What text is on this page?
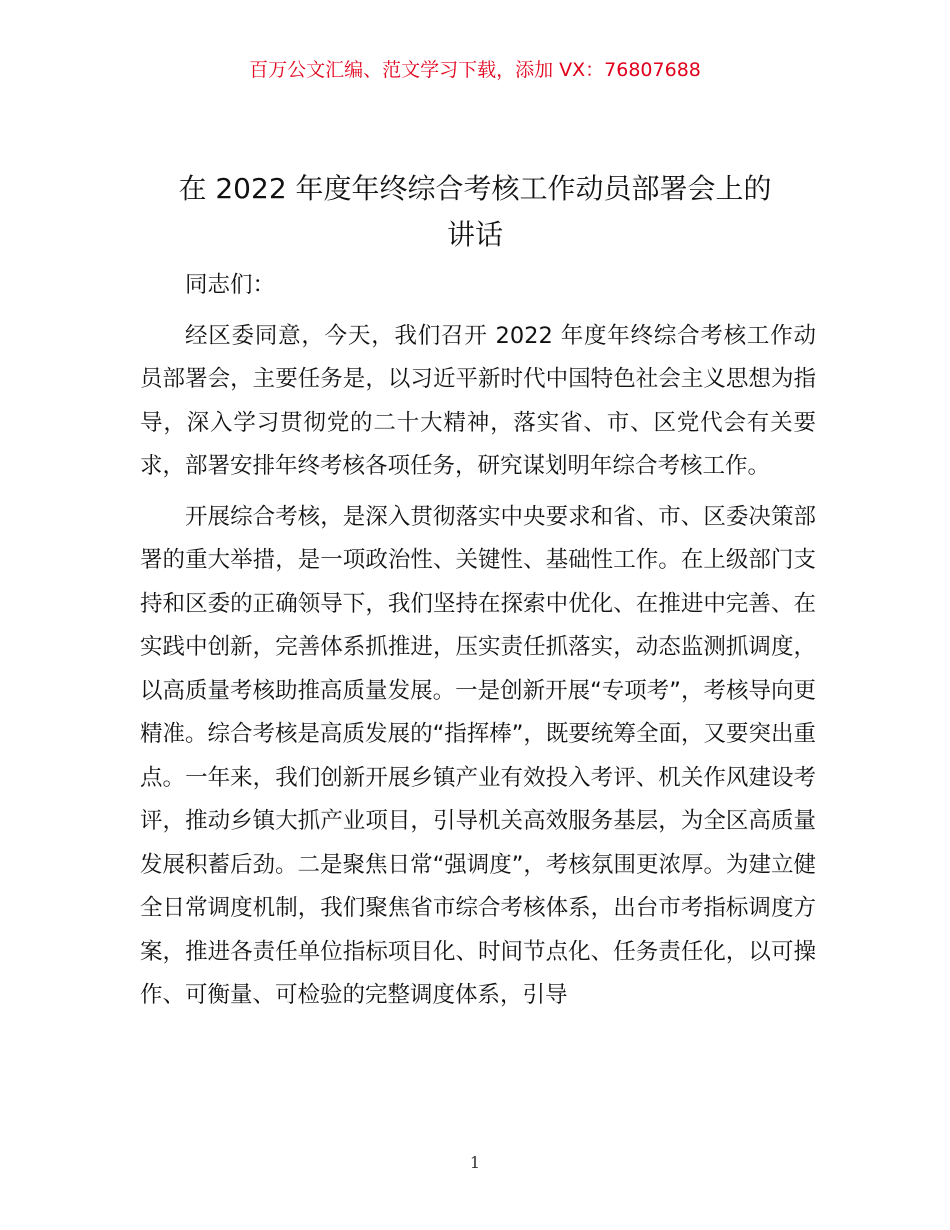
百万公文汇编、范文学习下载，添加 VX：76807688
在 2022 年度年终综合考核工作动员部署会上的
讲话

同志们：

经区委同意，今天，我们召开 2022 年度年终综合考核工作动员部署会，主要任务是，以习近平新时代中国特色社会主义思想为指导，深入学习贯彻党的二十大精神，落实省、市、区党代会有关要求，部署安排年终考核各项任务，研究谋划明年综合考核工作。

开展综合考核，是深入贯彻落实中央要求和省、市、区委决策部署的重大举措，是一项政治性、关键性、基础性工作。在上级部门支持和区委的正确领导下，我们坚持在探索中优化、在推进中完善、在实践中创新，完善体系抓推进，压实责任抓落实，动态监测抓调度，以高质量考核助推高质量发展。一是创新开展“专项考”，考核导向更精准。综合考核是高质发展的“指挥棒”，既要统筹全面，又要突出重点。一年来，我们创新开展乡镇产业有效投入考评、机关作风建设考评，推动乡镇大抓产业项目，引导机关高效服务基层，为全区高质量发展积蓄后劲。二是聚焦日常“强调度”，考核氛围更浓厚。为建立健全日常调度机制，我们聚焦省市综合考核体系，出台市考指标调度方案，推进各责任单位指标项目化、时间节点化、任务责任化，以可操作、可衡量、可检验的完整调度体系，引导

1
